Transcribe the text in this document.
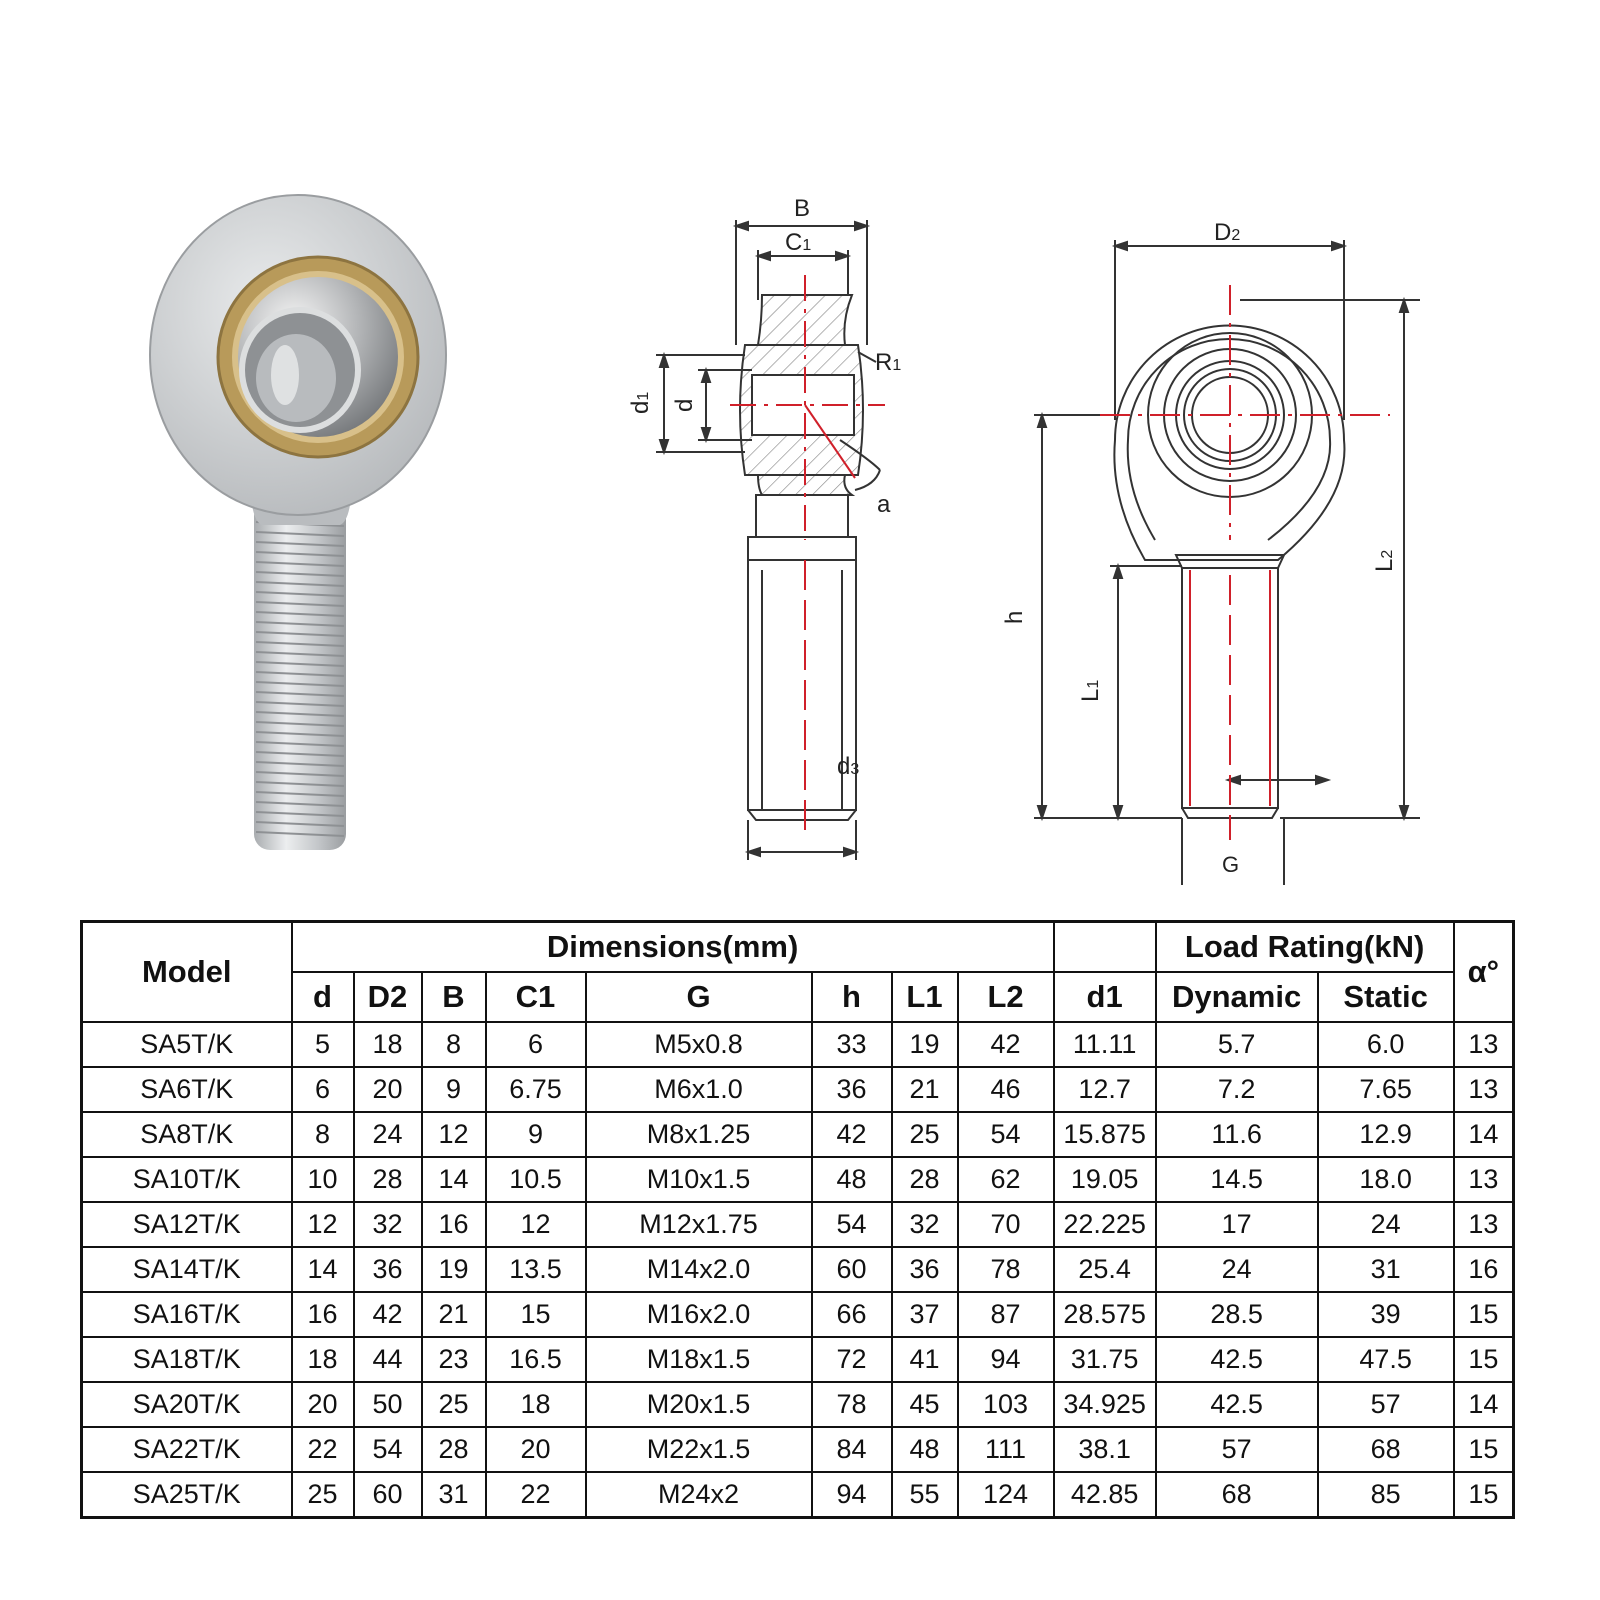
B
C1
R1
d1
d
a
d3
D2
L2
h
L1
G
Model	Dimensions(mm)									Load Rating(kN)		α°
	d	D2	B	C1	G	h	L1	L2	d1	Dynamic	Static	
SA5T/K	5	18	8	6	M5x0.8	33	19	42	11.11	5.7	6.0	13
SA6T/K	6	20	9	6.75	M6x1.0	36	21	46	12.7	7.2	7.65	13
SA8T/K	8	24	12	9	M8x1.25	42	25	54	15.875	11.6	12.9	14
SA10T/K	10	28	14	10.5	M10x1.5	48	28	62	19.05	14.5	18.0	13
SA12T/K	12	32	16	12	M12x1.75	54	32	70	22.225	17	24	13
SA14T/K	14	36	19	13.5	M14x2.0	60	36	78	25.4	24	31	16
SA16T/K	16	42	21	15	M16x2.0	66	37	87	28.575	28.5	39	15
SA18T/K	18	44	23	16.5	M18x1.5	72	41	94	31.75	42.5	47.5	15
SA20T/K	20	50	25	18	M20x1.5	78	45	103	34.925	42.5	57	14
SA22T/K	22	54	28	20	M22x1.5	84	48	111	38.1	57	68	15
SA25T/K	25	60	31	22	M24x2	94	55	124	42.85	68	85	15
